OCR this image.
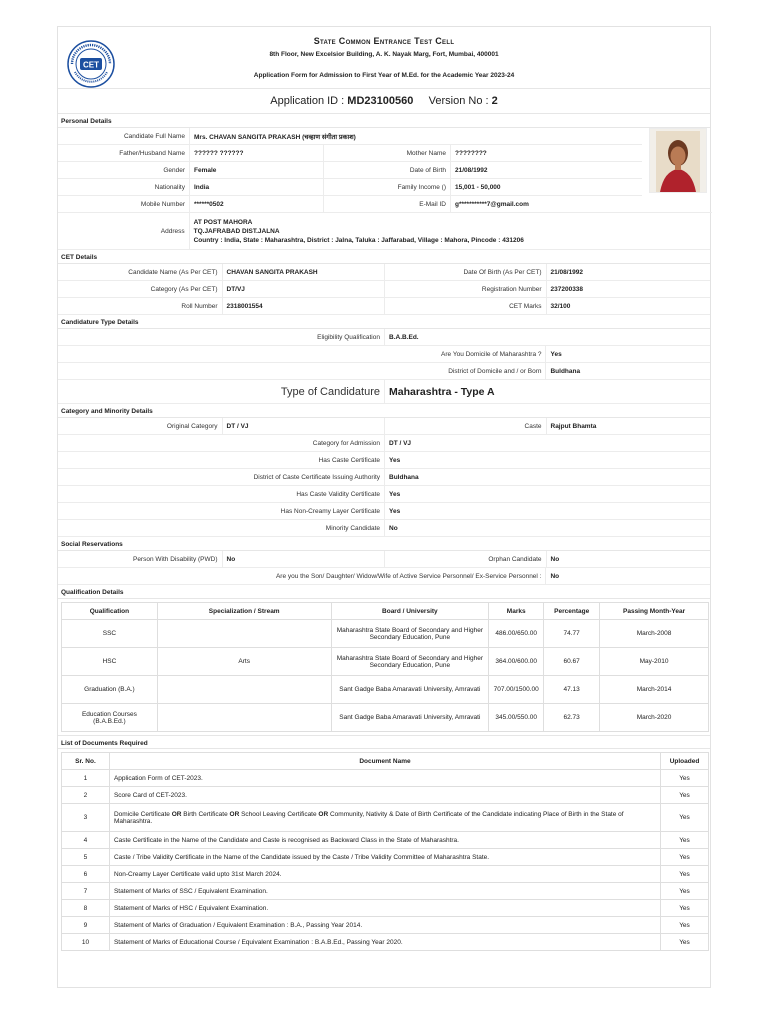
CET
State Common Entrance Test Cell
8th Floor, New Excelsior Building, A. K. Nayak Marg, Fort, Mumbai, 400001
Application Form for Admission to First Year of M.Ed. for the Academic Year 2023-24
Application ID : MD23100560 Version No : 2
Personal Details
Candidate Full Name	Mrs. CHAVAN SANGITA PRAKASH (चव्हाण संगीता प्रकाश)
Father/Husband Name	?????? ??????	Mother Name	????????
Gender	Female	Date of Birth	21/08/1992
Nationality	India	Family Income ()	15,001 - 50,000
Mobile Number	******0502	E-Mail ID	g***********7@gmail.com
Address
AT POST MAHORA
TQ.JAFRABAD DIST.JALNA
Country : India, State : Maharashtra, District : Jalna, Taluka : Jaffarabad, Village : Mahora, Pincode : 431206
CET Details
Candidate Name (As Per CET)	CHAVAN SANGITA PRAKASH	Date Of Birth (As Per CET)	21/08/1992
Category (As Per CET)	DT/VJ	Registration Number	237200338
Roll Number	2318001554	CET Marks	32/100
Candidature Type Details
Eligibility Qualification	B.A.B.Ed.
Are You Domicile of Maharashtra ?	Yes
District of Domicile and / or Born	Buldhana
Type of Candidature Maharashtra - Type A
Category and Minority Details
Original Category	DT / VJ	Caste	Rajput Bhamta
Category for Admission	DT / VJ
Has Caste Certificate	Yes
District of Caste Certificate Issuing Authority	Buldhana
Has Caste Validity Certificate	Yes
Has Non-Creamy Layer Certificate	Yes
Minority Candidate	No
Social Reservations
Person With Disability (PWD)	No	Orphan Candidate	No
Are you the Son/ Daughter/ Widow/Wife of Active Service Personnel/ Ex-Service Personnel :	No
Qualification Details
Qualification	Specialization / Stream	Board / University	Marks	Percentage	Passing Month-Year
SSC		Maharashtra State Board of Secondary and Higher Secondary Education, Pune	486.00/650.00	74.77	March-2008
HSC	Arts	Maharashtra State Board of Secondary and Higher Secondary Education, Pune	364.00/600.00	60.67	May-2010
Graduation (B.A.)		Sant Gadge Baba Amaravati University, Amravati	707.00/1500.00	47.13	March-2014
Education Courses (B.A.B.Ed.)		Sant Gadge Baba Amaravati University, Amravati	345.00/550.00	62.73	March-2020
List of Documents Required
Sr. No.	Document Name	Uploaded
1	Application Form of CET-2023.	Yes
2	Score Card of CET-2023.	Yes
3	Domicile Certificate OR Birth Certificate OR School Leaving Certificate OR Community, Nativity & Date of Birth Certificate of the Candidate indicating Place of Birth in the State of Maharashtra.	Yes
4	Caste Certificate in the Name of the Candidate and Caste is recognised as Backward Class in the State of Maharashtra.	Yes
5	Caste / Tribe Validity Certificate in the Name of the Candidate issued by the Caste / Tribe Validity Committee of Maharashtra State.	Yes
6	Non-Creamy Layer Certificate valid upto 31st March 2024.	Yes
7	Statement of Marks of SSC / Equivalent Examination.	Yes
8	Statement of Marks of HSC / Equivalent Examination.	Yes
9	Statement of Marks of Graduation / Equivalent Examination : B.A., Passing Year 2014.	Yes
10	Statement of Marks of Educational Course / Equivalent Examination : B.A.B.Ed., Passing Year 2020.	Yes
